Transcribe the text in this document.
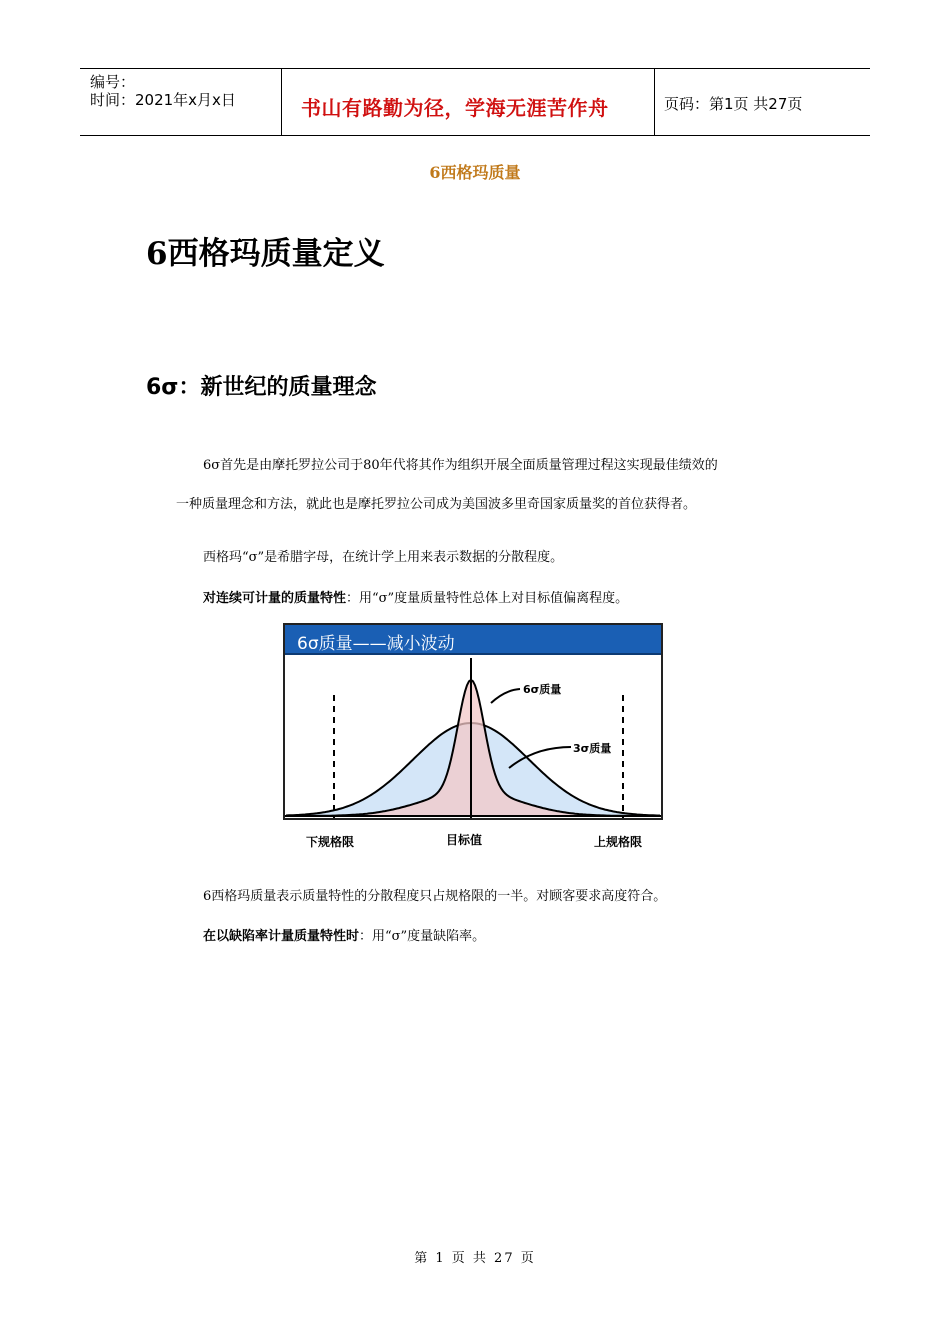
编号：
时间：2021年x月x日	书山有路勤为径，学海无涯苦作舟	页码：第1页 共27页
6西格玛质量
6西格玛质量定义
6σ：新世纪的质量理念
6σ首先是由摩托罗拉公司于80年代将其作为组织开展全面质量管理过程这实现最佳绩效的
一种质量理念和方法，就此也是摩托罗拉公司成为美国波多里奇国家质量奖的首位获得者。
西格玛“σ”是希腊字母，在统计学上用来表示数据的分散程度。
对连续可计量的质量特性：用“σ”度量质量特性总体上对目标值偏离程度。
6σ质量——减小波动
6σ质量
3σ质量
下规格限	目标值	上规格限
6西格玛质量表示质量特性的分散程度只占规格限的一半。对顾客要求高度符合。
在以缺陷率计量质量特性时：用“σ”度量缺陷率。
第 1 页 共 27 页
